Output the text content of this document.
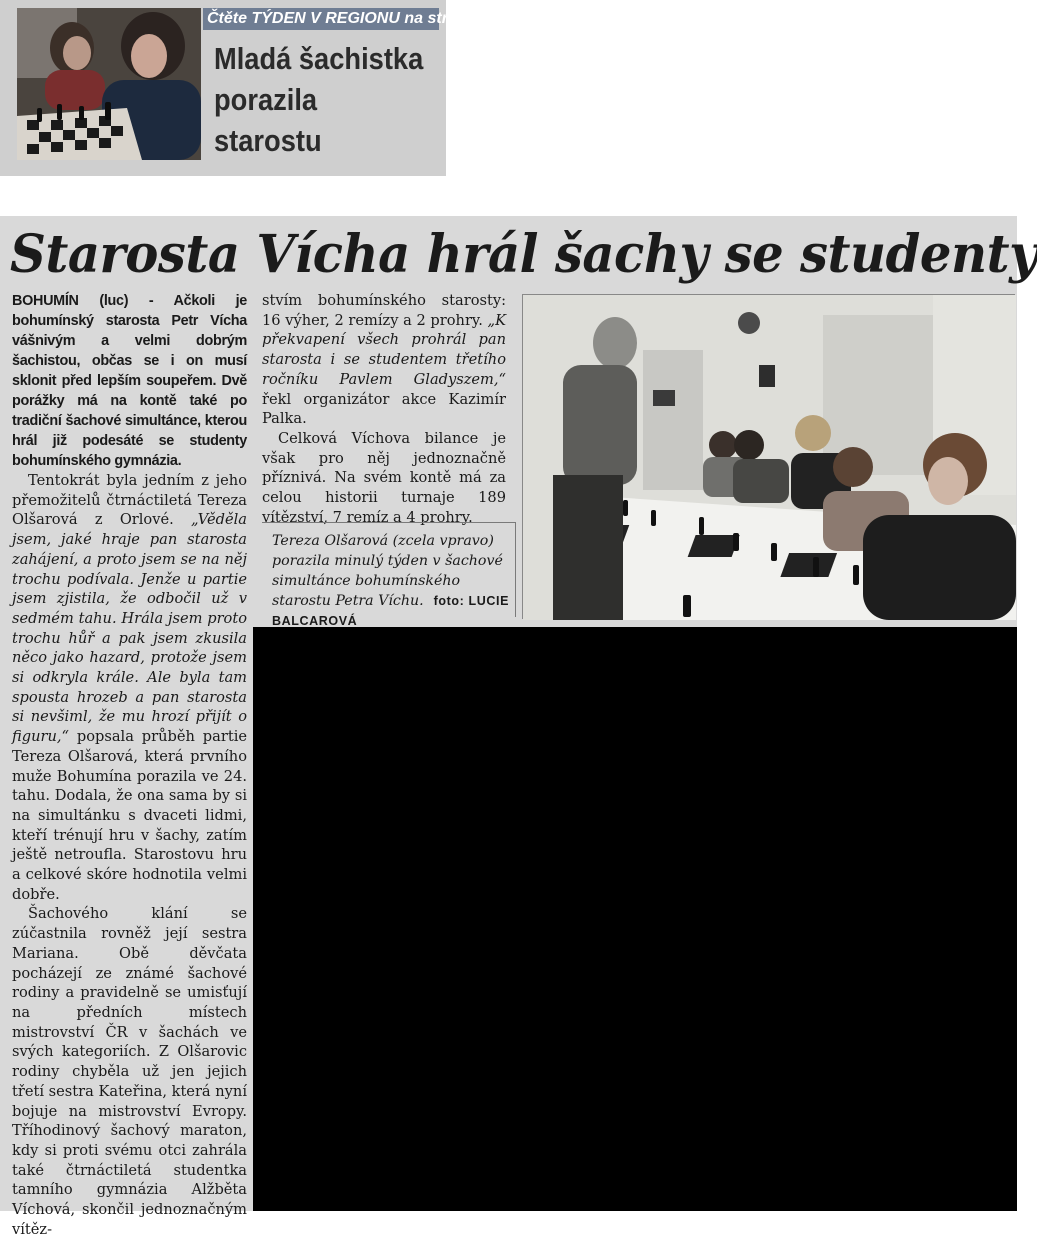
Čtěte TÝDEN V REGIONU na str. 3.
Mladá šachistka
porazila
starostu
Starosta Vícha hrál šachy se studenty

BOHUMÍN (luc) - Ačkoli je bohumínský starosta Petr Vícha vášnivým a velmi dobrým šachistou, občas se i on musí sklonit před lepším soupeřem. Dvě porážky má na kontě také po tradiční šachové simultánce, kterou hrál již podesáté se studenty bohumínského gymnázia.

Tentokrát byla jedním z jeho přemožitelů čtrnáctiletá Tereza Olšarová z Orlové. „Věděla jsem, jaké hraje pan starosta zahájení, a proto jsem se na něj trochu podívala. Jenže u partie jsem zjistila, že odbočil už v sedmém tahu. Hrála jsem proto trochu hůř a pak jsem zkusila něco jako hazard, protože jsem si odkryla krále. Ale byla tam spousta hrozeb a pan starosta si nevšiml, že mu hrozí přijít o figuru,“ popsala průběh partie Tereza Olšarová, která prvního muže Bohumína porazila ve 24. tahu. Dodala, že ona sama by si na simultánku s dvaceti lidmi, kteří trénují hru v šachy, zatím ještě netroufla. Starostovu hru a celkové skóre hodnotila velmi dobře.

Šachového klání se zúčastnila rovněž její sestra Mariana. Obě děvčata pocházejí ze známé šachové rodiny a pravidelně se umisťují na předních místech mistrovství ČR v šachách ve svých kategoriích. Z Olšarovic rodiny chyběla už jen jejich třetí sestra Kateřina, která nyní bojuje na mistrovství Evropy. Tříhodinový šachový maraton, kdy si proti svému otci zahrála také čtrnáctiletá studentka tamního gymnázia Alžběta Víchová, skončil jednoznačným vítěz-

stvím bohumínského starosty: 16 výher, 2 remízy a 2 prohry. „K překvapení všech prohrál pan starosta i se studentem třetího ročníku Pavlem Gladyszem,“ řekl organizátor akce Kazimír Palka.

Celková Víchova bilance je však pro něj jednoznačně příznivá. Na svém kontě má za celou historii turnaje 189 vítězství, 7 remíz a 4 prohry.

Tereza Olšarová (zcela vpravo) porazila minulý týden v šachové simultánce bohumínského starostu Petra Víchu. foto: LUCIE BALCAROVÁ
